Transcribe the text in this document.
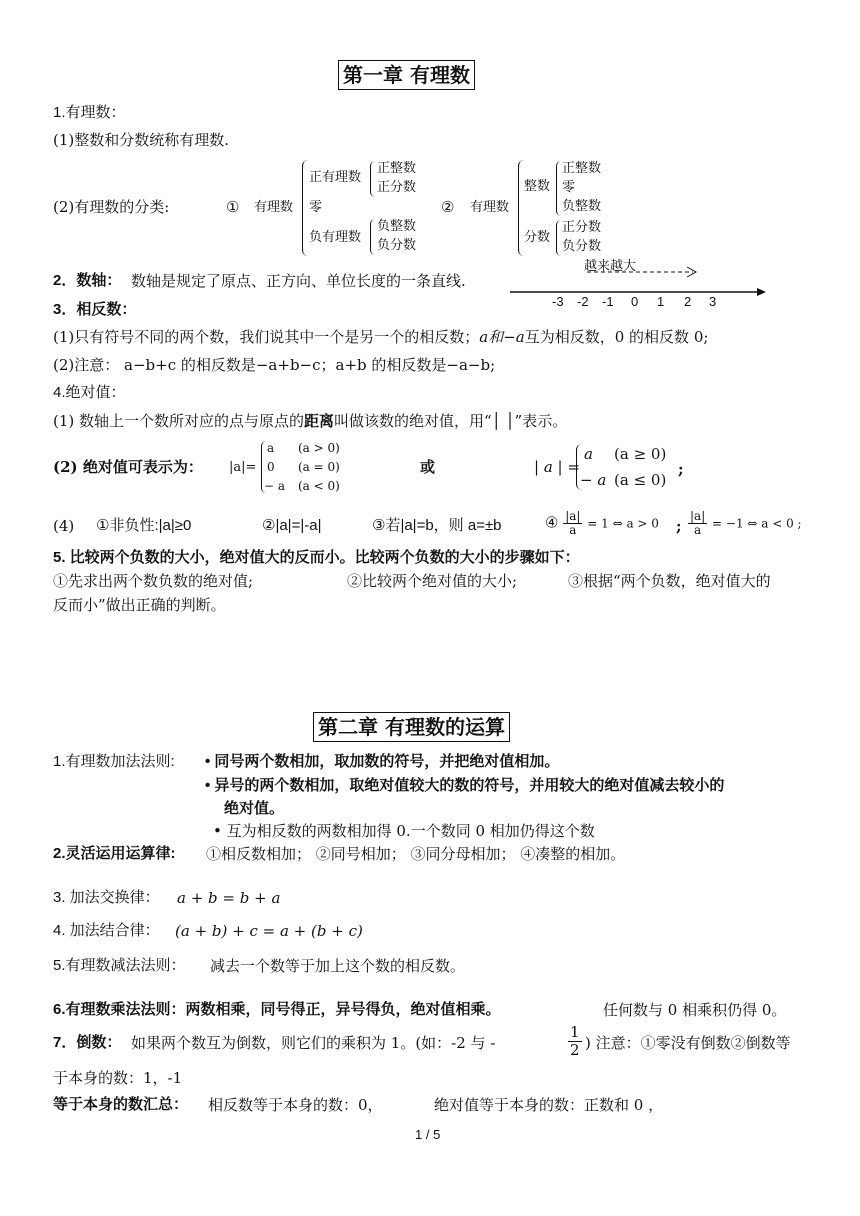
第一章 有理数
1.有理数：
(1)整数和分数统称有理数.
(2)有理数的分类:	① 有理数
正有理数
正整数
正分数
零
负有理数
负整数
负分数
② 有理数
整数
正整数
零
负整数
分数
正分数
负分数
2．数轴： 数轴是规定了原点、正方向、单位长度的一条直线.
越来越大
-3 -2 -1 0 1 2 3
3．相反数：
(1)只有符号不同的两个数，我们说其中一个是另一个的相反数；a和−a互为相反数，0 的相反数 0;
(2)注意： a−b+c 的相反数是−a+b−c；a+b 的相反数是−a−b;
4.绝对值：
(1) 数轴上一个数所对应的点与原点的距离叫做该数的绝对值，用“│ │”表示。
(2) 绝对值可表示为： |a|=
a (a > 0)
0 (a = 0)
− a (a < 0)
或	| a | =
a (a ≥ 0)
− a (a ≤ 0)
;
(4) ①非负性:|a|≥0	②|a|=|-a|	③若|a|=b，则 a=±b	④ $\frac{|a|}{a} = 1$ ⇔ a > 0 ; $\frac{|a|}{a} = -1$ ⇔ a < 0 ;
5. 比较两个负数的大小，绝对值大的反而小。比较两个负数的大小的步骤如下：
①先求出两个数负数的绝对值;	②比较两个绝对值的大小;	③根据“两个负数，绝对值大的
反而小”做出正确的判断。
第二章 有理数的运算
1.有理数加法法则: • 同号两个数相加，取加数的符号，并把绝对值相加。
• 异号的两个数相加，取绝对值较大的数的符号，并用较大的绝对值减去较小的
绝对值。
• 互为相反数的两数相加得 0.一个数同 0 相加仍得这个数
2.灵活运用运算律: ①相反数相加； ②同号相加； ③同分母相加； ④凑整的相加。
3. 加法交换律： a + b = b + a
4. 加法结合律： (a + b) + c = a + (b + c)
5.有理数减法法则： 减去一个数等于加上这个数的相反数。
6.有理数乘法法则：两数相乘，同号得正，异号得负，绝对值相乘。	任何数与 0 相乘积仍得 0。
7．倒数： 如果两个数互为倒数，则它们的乘积为 1。(如：-2 与 -	$\frac{1}{2}$ ) 注意：①零没有倒数②倒数等
于本身的数：1，-1
等于本身的数汇总： 相反数等于本身的数：0，	绝对值等于本身的数：正数和 0 ，
1 / 5
